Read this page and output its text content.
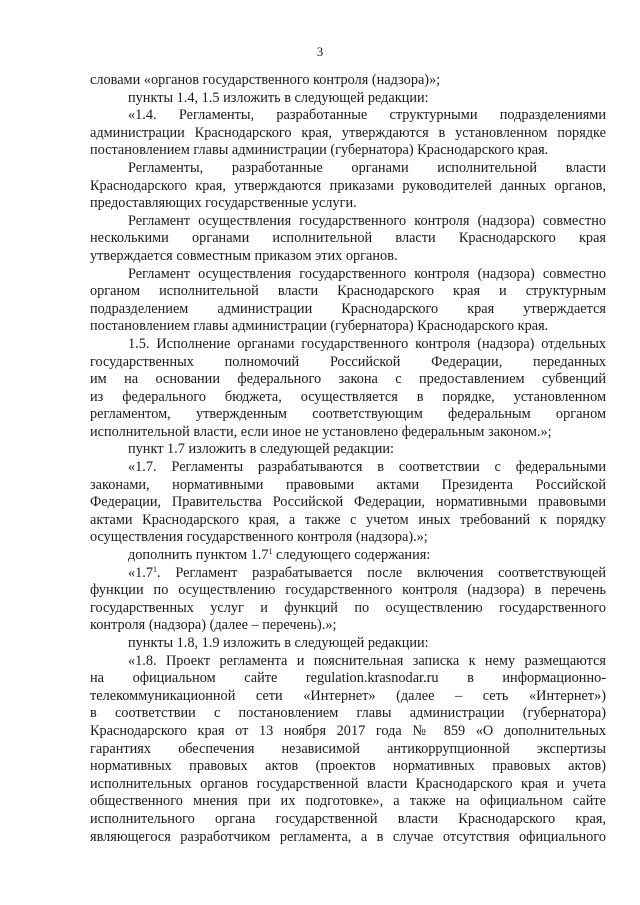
3
словами «органов государственного контроля (надзора)»;
пункты 1.4, 1.5 изложить в следующей редакции:
«1.4. Регламенты, разработанные структурными подразделениями
администрации Краснодарского края, утверждаются в установленном порядке
постановлением главы администрации (губернатора) Краснодарского края.
Регламенты, разработанные органами исполнительной власти
Краснодарского края, утверждаются приказами руководителей данных органов,
предоставляющих государственные услуги.
Регламент осуществления государственного контроля (надзора) совместно
несколькими органами исполнительной власти Краснодарского края
утверждается совместным приказом этих органов.
Регламент осуществления государственного контроля (надзора) совместно
органом исполнительной власти Краснодарского края и структурным
подразделением администрации Краснодарского края утверждается
постановлением главы администрации (губернатора) Краснодарского края.
1.5. Исполнение органами государственного контроля (надзора) отдельных
государственных полномочий Российской Федерации, переданных
им на основании федерального закона с предоставлением субвенций
из федерального бюджета, осуществляется в порядке, установленном
регламентом, утвержденным соответствующим федеральным органом
исполнительной власти, если иное не установлено федеральным законом.»;
пункт 1.7 изложить в следующей редакции:
«1.7. Регламенты разрабатываются в соответствии с федеральными
законами, нормативными правовыми актами Президента Российской
Федерации, Правительства Российской Федерации, нормативными правовыми
актами Краснодарского края, а также с учетом иных требований к порядку
осуществления государственного контроля (надзора).»;
дополнить пунктом $1.7^1$ следующего содержания:
«$1.7^1$. Регламент разрабатывается после включения соответствующей
функции по осуществлению государственного контроля (надзора) в перечень
государственных услуг и функций по осуществлению государственного
контроля (надзора) (далее – перечень).»;
пункты 1.8, 1.9 изложить в следующей редакции:
«1.8. Проект регламента и пояснительная записка к нему размещаются
на официальном сайте regulation.krasnodar.ru в информационно-
телекоммуникационной сети «Интернет» (далее – сеть «Интернет»)
в соответствии с постановлением главы администрации (губернатора)
Краснодарского края от 13 ноября 2017 года № 859 «О дополнительных
гарантиях обеспечения независимой антикоррупционной экспертизы
нормативных правовых актов (проектов нормативных правовых актов)
исполнительных органов государственной власти Краснодарского края и учета
общественного мнения при их подготовке», а также на официальном сайте
исполнительного органа государственной власти Краснодарского края,
являющегося разработчиком регламента, а в случае отсутствия официального
